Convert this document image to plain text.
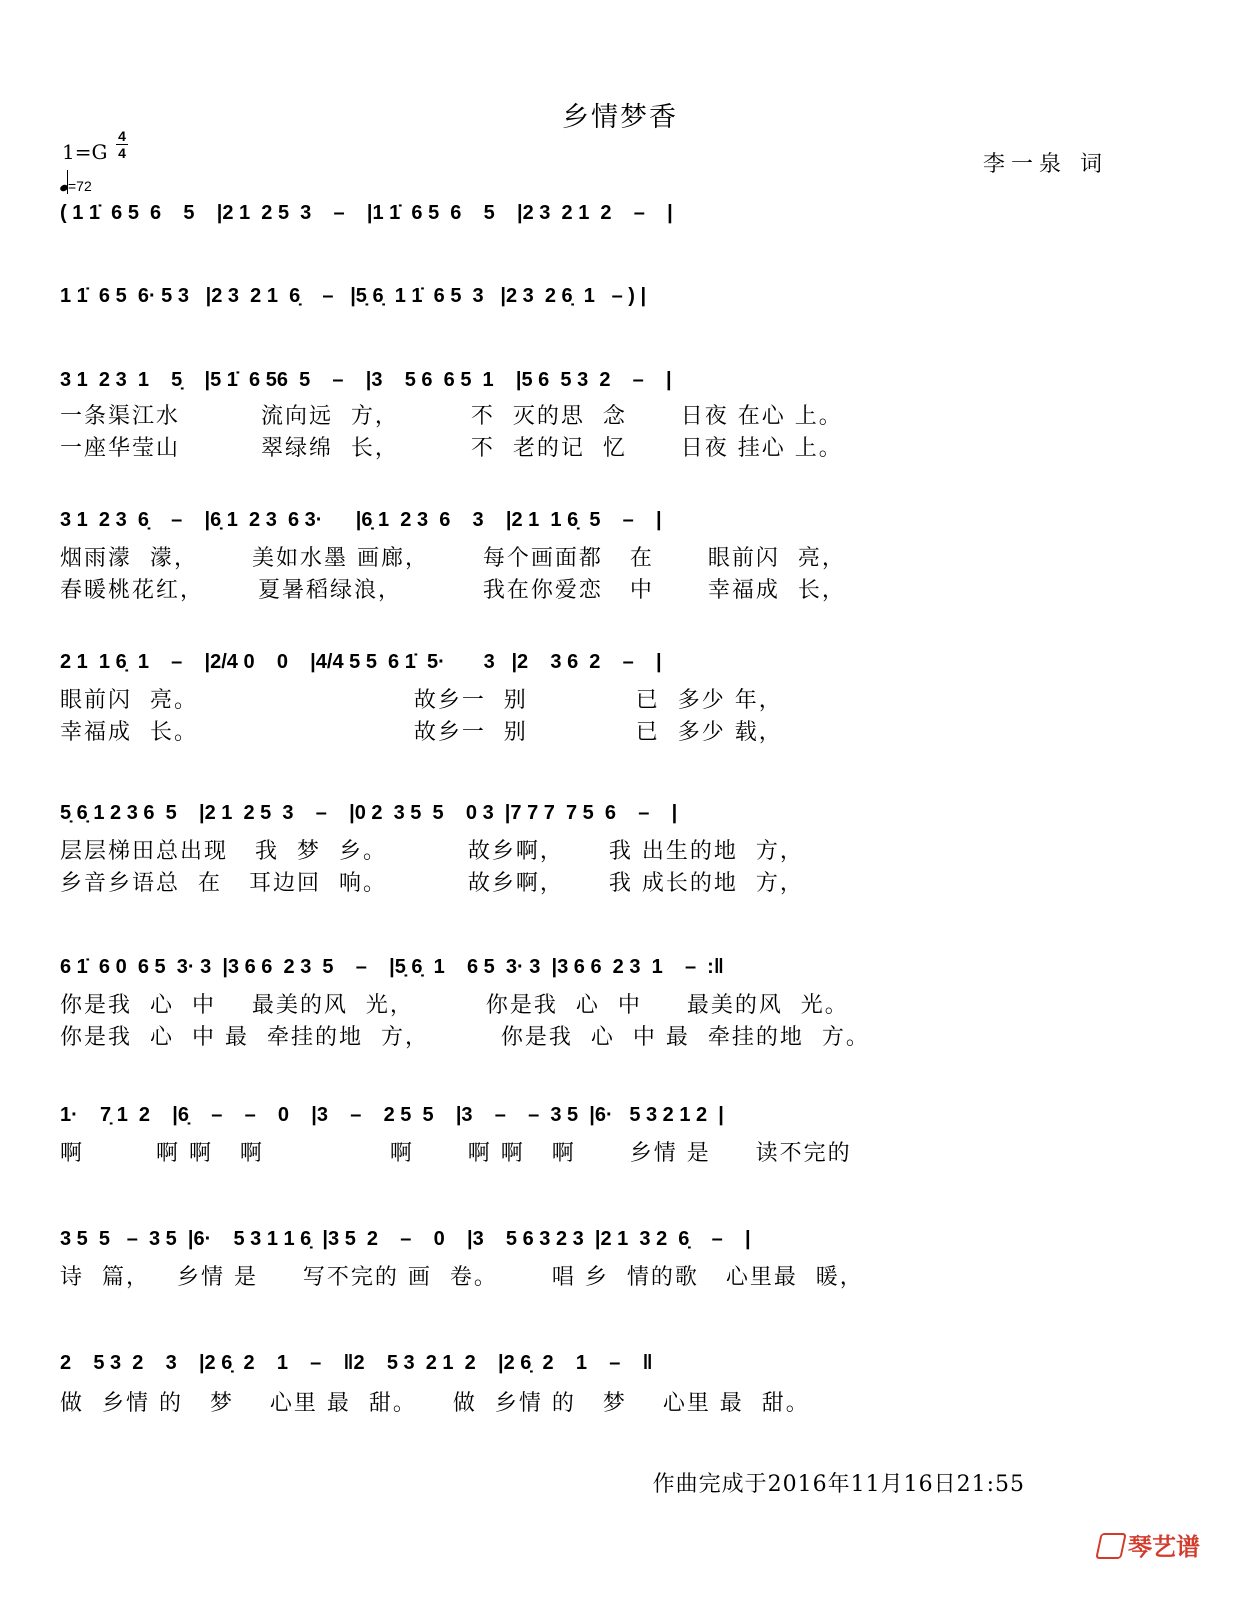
乡情梦香
1=G
4
4
=72
李一泉 词
( 1 1̇  6 5  6    5    |2 1  2 5  3    –    |1 1̇  6 5  6    5    |2 3  2 1  2    –    |
1 1̇  6 5  6· 5 3   |2 3  2 1  6̣    –   |5̣ 6̣  1 1̇  6 5  3   |2 3  2 6̣  1   – ) |
3 1  2 3  1    5̣    |5 1̇  6 56  5    –    |3    5 6  6 5  1    |5 6  5 3  2    –    |
一条渠江水         流向远  方，        不  灭的思  念      日夜 在心 上。
一座华莹山         翠绿绵  长，        不  老的记  忆      日夜 挂心 上。
3 1  2 3  6̣    –    |6̣ 1  2 3  6 3·      |6̣ 1  2 3  6    3    |2 1  1 6̣  5    –    |
烟雨濛  濛，      美如水墨 画廊，      每个画面都   在      眼前闪  亮，
春暖桃花红，      夏暑稻绿浪，         我在你爱恋   中      幸福成  长，
2 1  1 6̣  1    –    |2/4 0    0    |4/4 5 5  6 1̇  5·       3   |2    3 6  2    –    |
眼前闪  亮。                        故乡一  别            已  多少 年，
幸福成  长。                        故乡一  别            已  多少 载，
5̣ 6̣ 1 2 3 6  5    |2 1  2 5  3    –    |0 2  3 5  5    0 3  |7 7 7  7 5  6    –    |
层层梯田总出现   我  梦  乡。         故乡啊，     我 出生的地  方，
乡音乡语总  在   耳边回  响。         故乡啊，     我 成长的地  方，
6 1̇  6 0  6 5  3· 3  |3 6 6  2 3  5    –    |5̣ 6̣  1    6 5  3· 3  |3 6 6  2 3  1    –  :‖
你是我  心  中    最美的风  光，        你是我  心  中     最美的风  光。
你是我  心  中 最  牵挂的地  方，        你是我  心  中 最  牵挂的地  方。
1·    7̣ 1  2    |6̣    –    –    0    |3    –    2 5  5    |3    –    –  3 5  |6·   5 3 2 1 2  |
啊        啊 啊   啊              啊      啊 啊   啊      乡情 是     读不完的
3 5  5   –  3 5  |6·    5 3 1 1 6̣  |3 5  2    –    0    |3    5 6 3 2 3  |2 1  3 2  6̣    –    |
诗  篇，   乡情 是     写不完的 画  卷。      唱 乡  情的歌   心里最  暖，
2    5 3  2    3    |2 6̣  2    1    –    ‖2    5 3  2 1  2    |2 6̣  2    1    –    ‖
做  乡情 的   梦    心里 最  甜。    做  乡情 的   梦    心里 最  甜。
作曲完成于2016年11月16日21:55
琴艺谱
